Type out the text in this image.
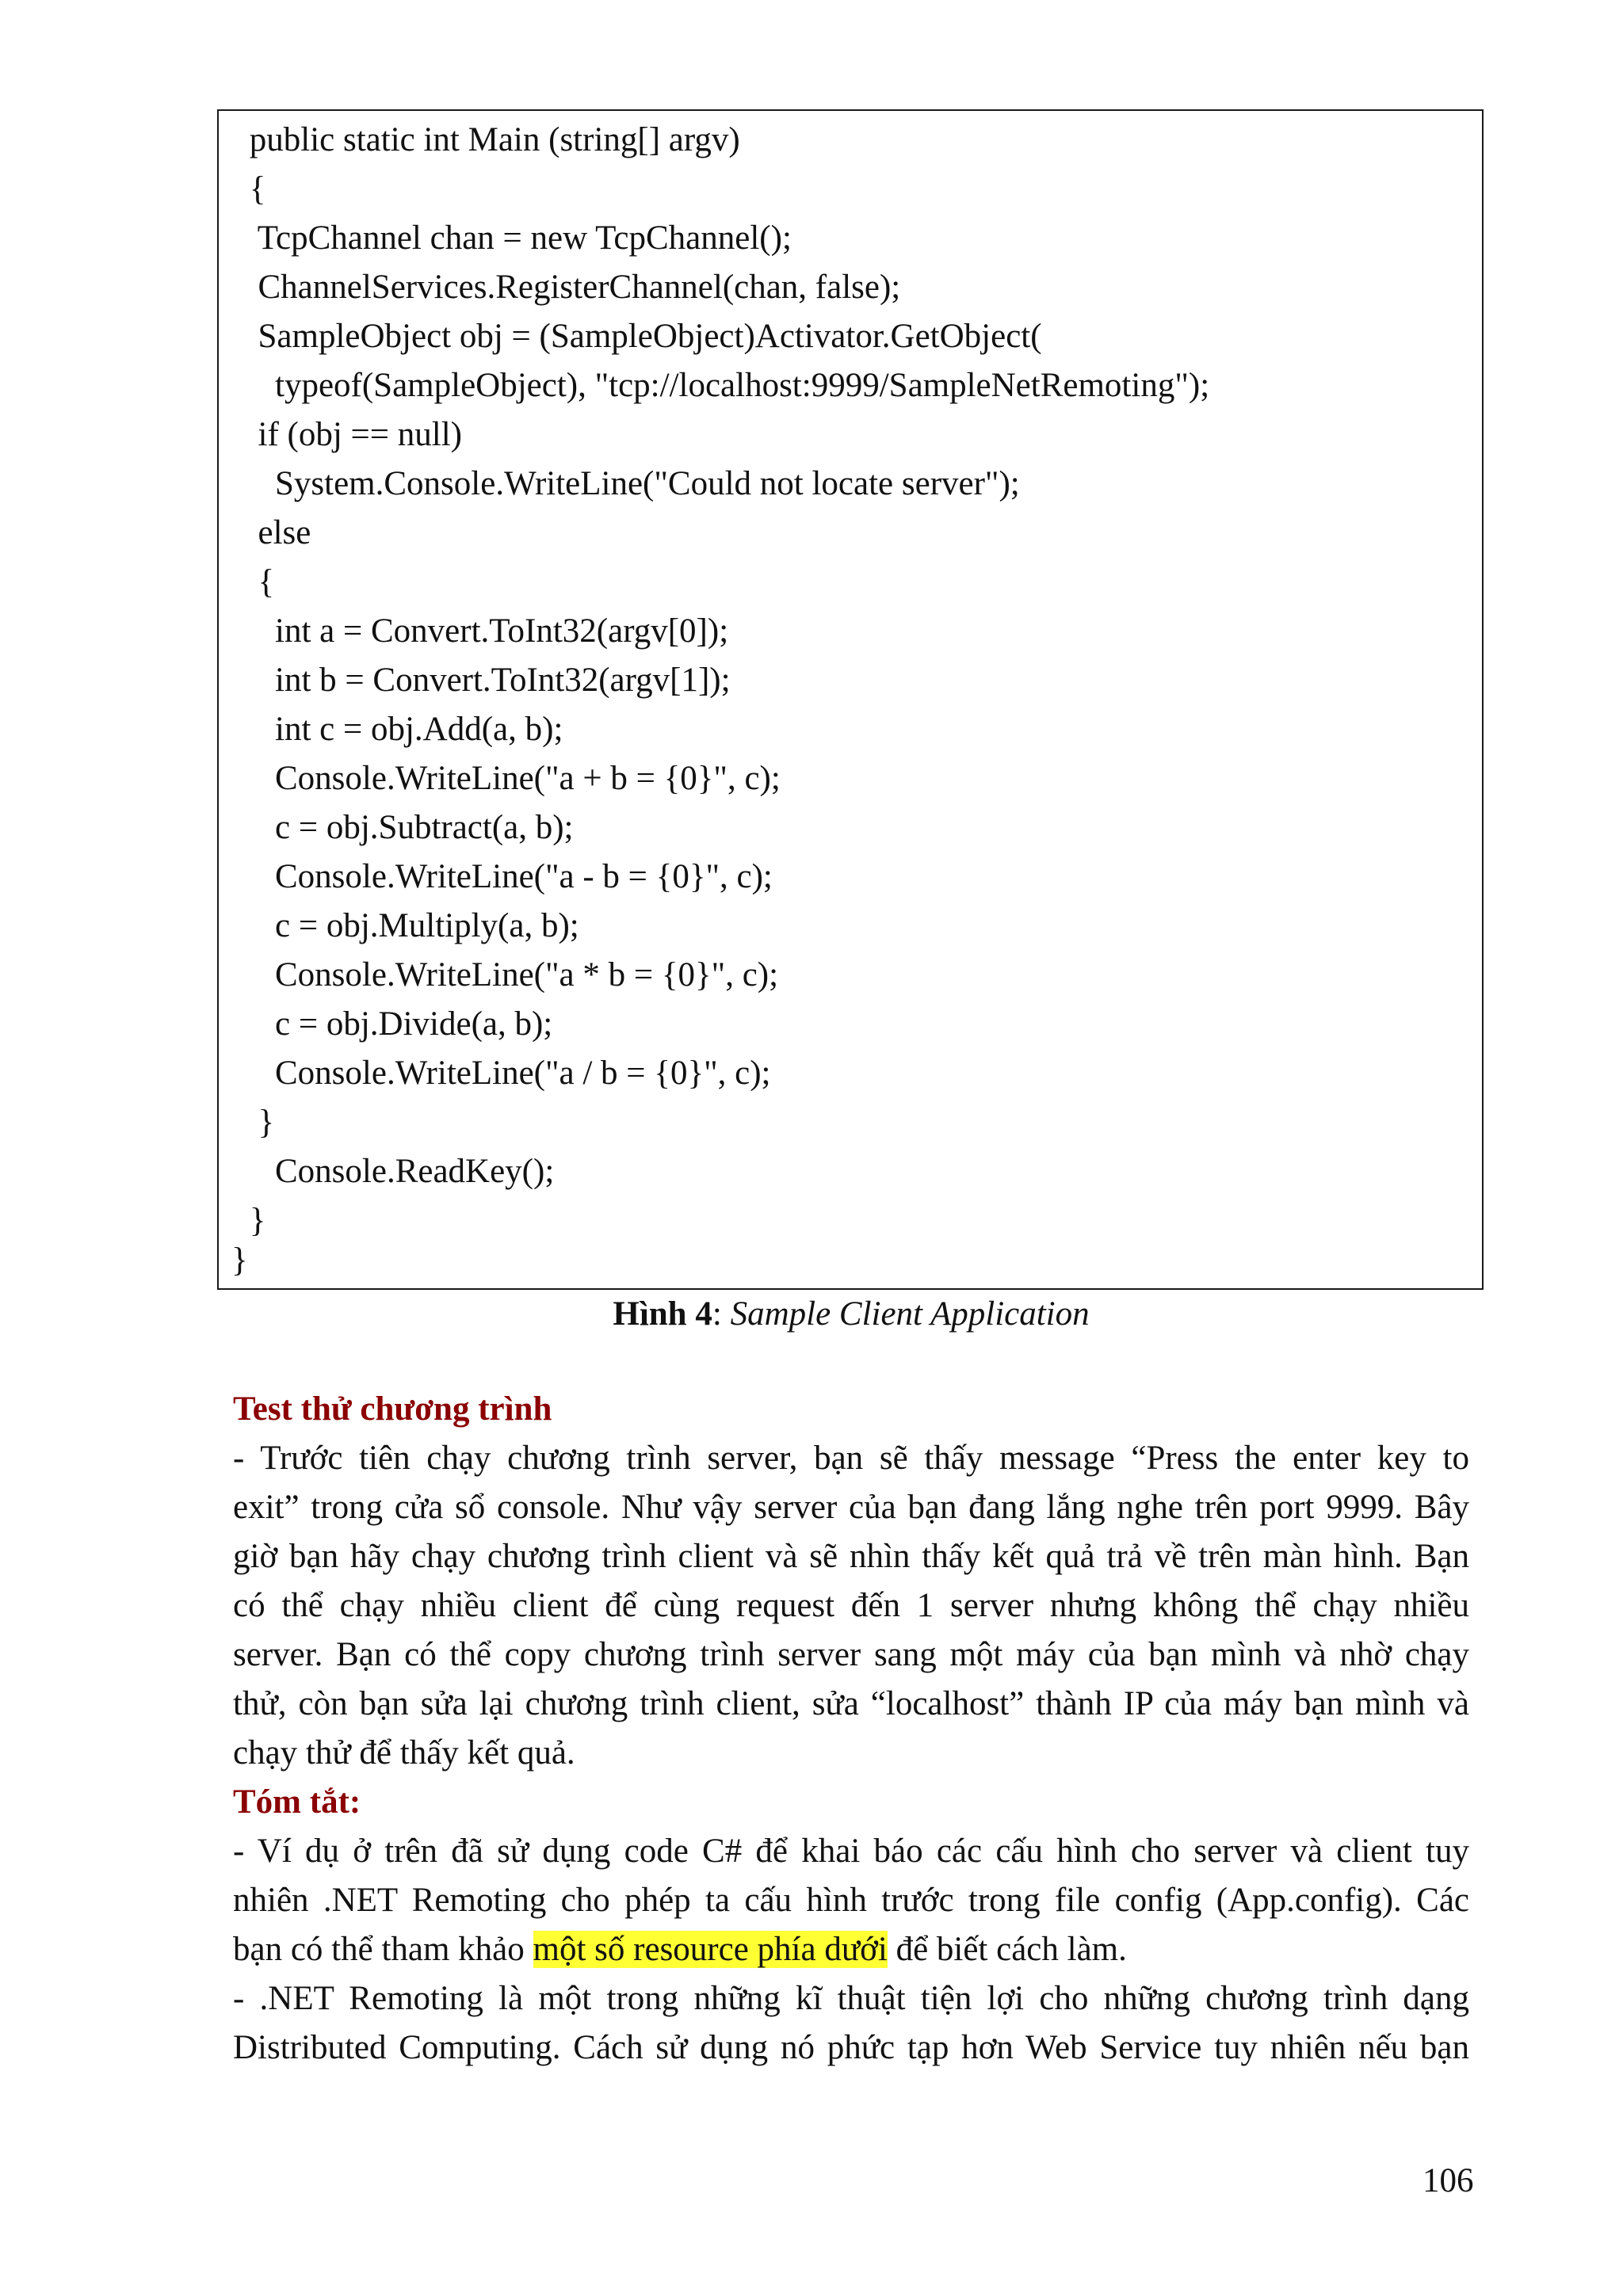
public static int Main (string[] argv)
{
TcpChannel chan = new TcpChannel();
ChannelServices.RegisterChannel(chan, false);
SampleObject obj = (SampleObject)Activator.GetObject(
typeof(SampleObject), "tcp://localhost:9999/SampleNetRemoting");
if (obj == null)
System.Console.WriteLine("Could not locate server");
else
{
int a = Convert.ToInt32(argv[0]);
int b = Convert.ToInt32(argv[1]);
int c = obj.Add(a, b);
Console.WriteLine("a + b = {0}", c);
c = obj.Subtract(a, b);
Console.WriteLine("a - b = {0}", c);
c = obj.Multiply(a, b);
Console.WriteLine("a * b = {0}", c);
c = obj.Divide(a, b);
Console.WriteLine("a / b = {0}", c);
}
Console.ReadKey();
}
}
Hình 4: Sample Client Application
Test thử chương trình
- Trước tiên chạy chương trình server, bạn sẽ thấy message “Press the enter key to
exit” trong cửa sổ console. Như vậy server của bạn đang lắng nghe trên port 9999. Bây
giờ bạn hãy chạy chương trình client và sẽ nhìn thấy kết quả trả về trên màn hình. Bạn
có thể chạy nhiều client để cùng request đến 1 server nhưng không thể chạy nhiều
server. Bạn có thể copy chương trình server sang một máy của bạn mình và nhờ chạy
thử, còn bạn sửa lại chương trình client, sửa “localhost” thành IP của máy bạn mình và
chạy thử để thấy kết quả.
Tóm tắt:
- Ví dụ ở trên đã sử dụng code C# để khai báo các cấu hình cho server và client tuy
nhiên .NET Remoting cho phép ta cấu hình trước trong file config (App.config). Các
bạn có thể tham khảo một số resource phía dưới để biết cách làm.
- .NET Remoting là một trong những kĩ thuật tiện lợi cho những chương trình dạng
Distributed Computing. Cách sử dụng nó phức tạp hơn Web Service tuy nhiên nếu bạn
106
